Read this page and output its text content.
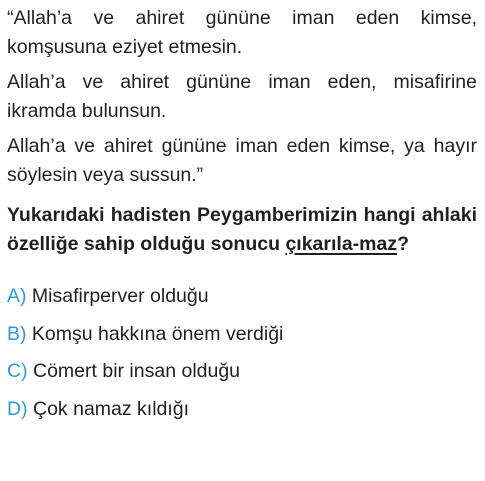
“Allah’a ve ahiret gününe iman eden kimse, komşusuna eziyet etmesin.

Allah’a ve ahiret gününe iman eden, misafirine ikramda bulunsun.

Allah’a ve ahiret gününe iman eden kimse, ya hayır söylesin veya sussun.”

Yukarıdaki hadisten Peygamberimizin hangi ahlaki özelliğe sahip olduğu sonucu çıkarıla-maz?

A) Misafirperver olduğu
B) Komşu hakkına önem verdiği
C) Cömert bir insan olduğu
D) Çok namaz kıldığı
